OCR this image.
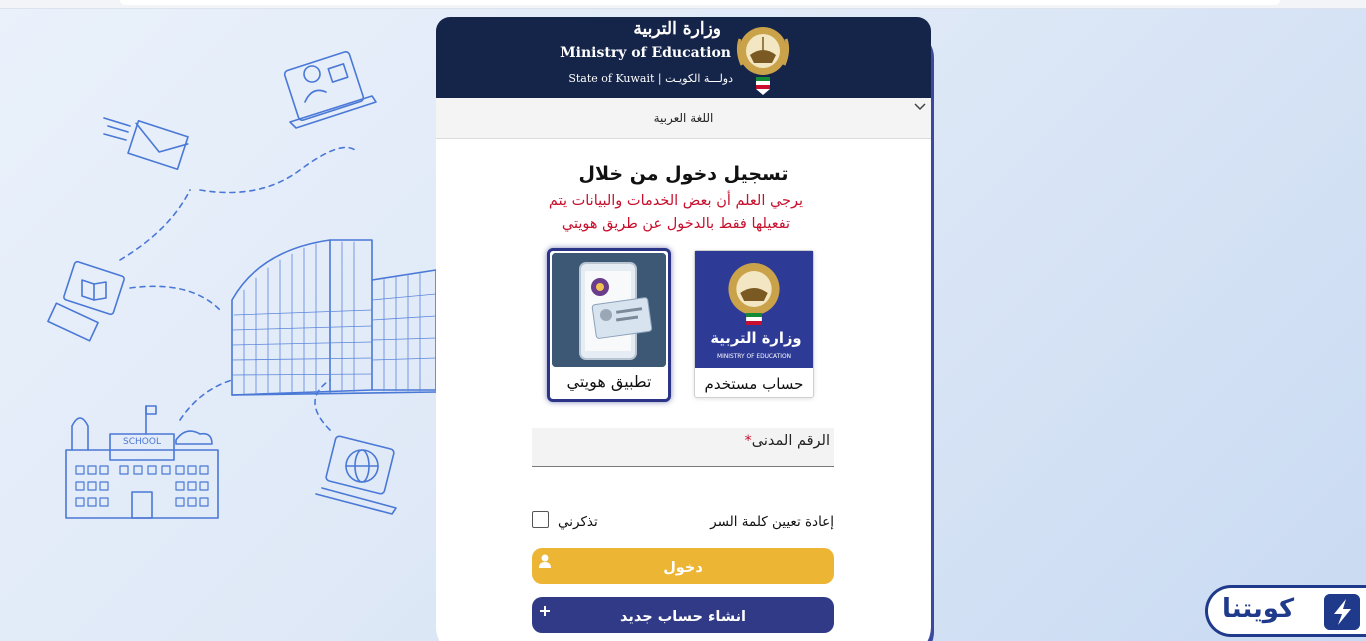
SCHOOL
وزارة التربية
Ministry of Education
State of Kuwait | دولـــة الكويـت
اللغة العربية
تسجيل دخول من خلال
يرجي العلم أن بعض الخدمات والبيانات يتم
تفعيلها فقط بالدخول عن طريق هويتي
وزارة التربية
MINISTRY OF EDUCATION
حساب مستخدم
تطبيق هويتي
الرقم المدنى*
إعادة تعيين كلمة السر
تذكرني
دخول
انشاء حساب جديد	كويتنا
